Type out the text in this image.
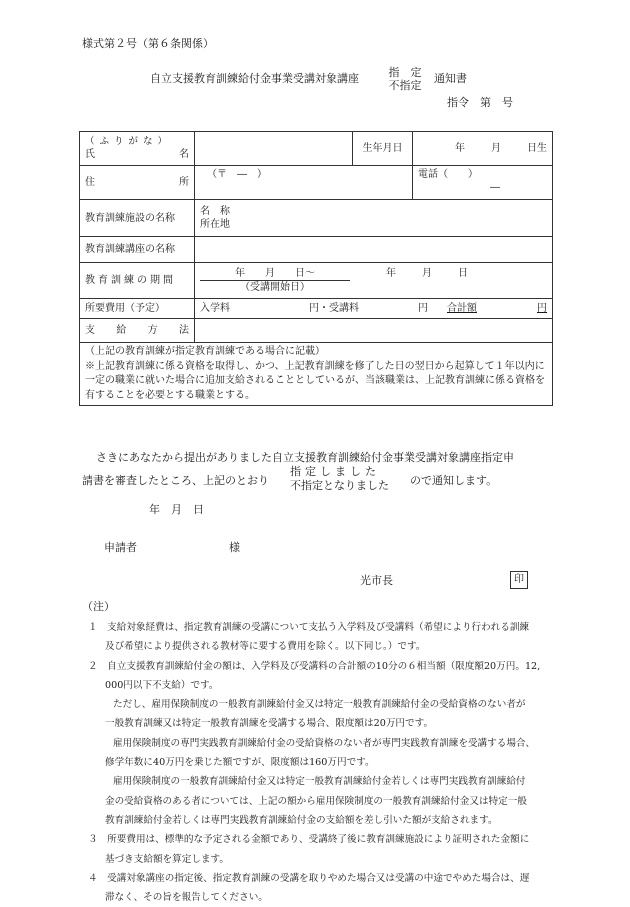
様式第２号（第６条関係）
自立支援教育訓練給付金事業受講対象講座	指　定
不指定
通知書
指令　第　号
（ふりがな）
氏 名		生年月日	年 月 日生

住 所	（〒　―　）		電話（　　）
―

教育訓練施設の名称	名　称
所在地		

教育訓練講座の名称			
教育訓練の期間	年　　月　　日〜
（受講開始日）
年 月 日		

所要費用（予定）	入学料 円・受講料 円 合計額 円		

支 給 方 法			

（上記の教育訓練が指定教育訓練である場合に記載）
※上記教育訓練に係る資格を取得し、かつ、上記教育訓練を修了した日の翌日から起算して１年以内に一定の職業に就いた場合に追加支給されることとしているが、当該職業は、上記教育訓練に係る資格を有することを必要とする職業とする。			
さきにあなたから提出がありました自立支援教育訓練給付金事業受講対象講座指定申
請書を審査したところ、上記のとおり
指定しました
不指定となりました ので通知します。
年　月　日
申請者	様
光市長	印
（注）
１　支給対象経費は、指定教育訓練の受講について支払う入学料及び受講料（希望により行われる訓練
及び希望により提供される教材等に要する費用を除く。以下同じ。）です。
２　自立支援教育訓練給付金の額は、入学料及び受講料の合計額の10分の６相当額（限度額20万円。12,
000円以下不支給）です。
ただし、雇用保険制度の一般教育訓練給付金又は特定一般教育訓練給付金の受給資格のない者が
一般教育訓練又は特定一般教育訓練を受講する場合、限度額は20万円です。
雇用保険制度の専門実践教育訓練給付金の受給資格のない者が専門実践教育訓練を受講する場合、
修学年数に40万円を乗じた額ですが、限度額は160万円です。
雇用保険制度の一般教育訓練給付金又は特定一般教育訓練給付金若しくは専門実践教育訓練給付
金の受給資格のある者については、上記の額から雇用保険制度の一般教育訓練給付金又は特定一般
教育訓練給付金若しくは専門実践教育訓練給付金の支給額を差し引いた額が支給されます。
３　所要費用は、標準的な予定される金額であり、受講終了後に教育訓練施設により証明された金額に
基づき支給額を算定します。
４　受講対象講座の指定後、指定教育訓練の受講を取りやめた場合又は受講の中途でやめた場合は、遅
滞なく、その旨を報告してください。
